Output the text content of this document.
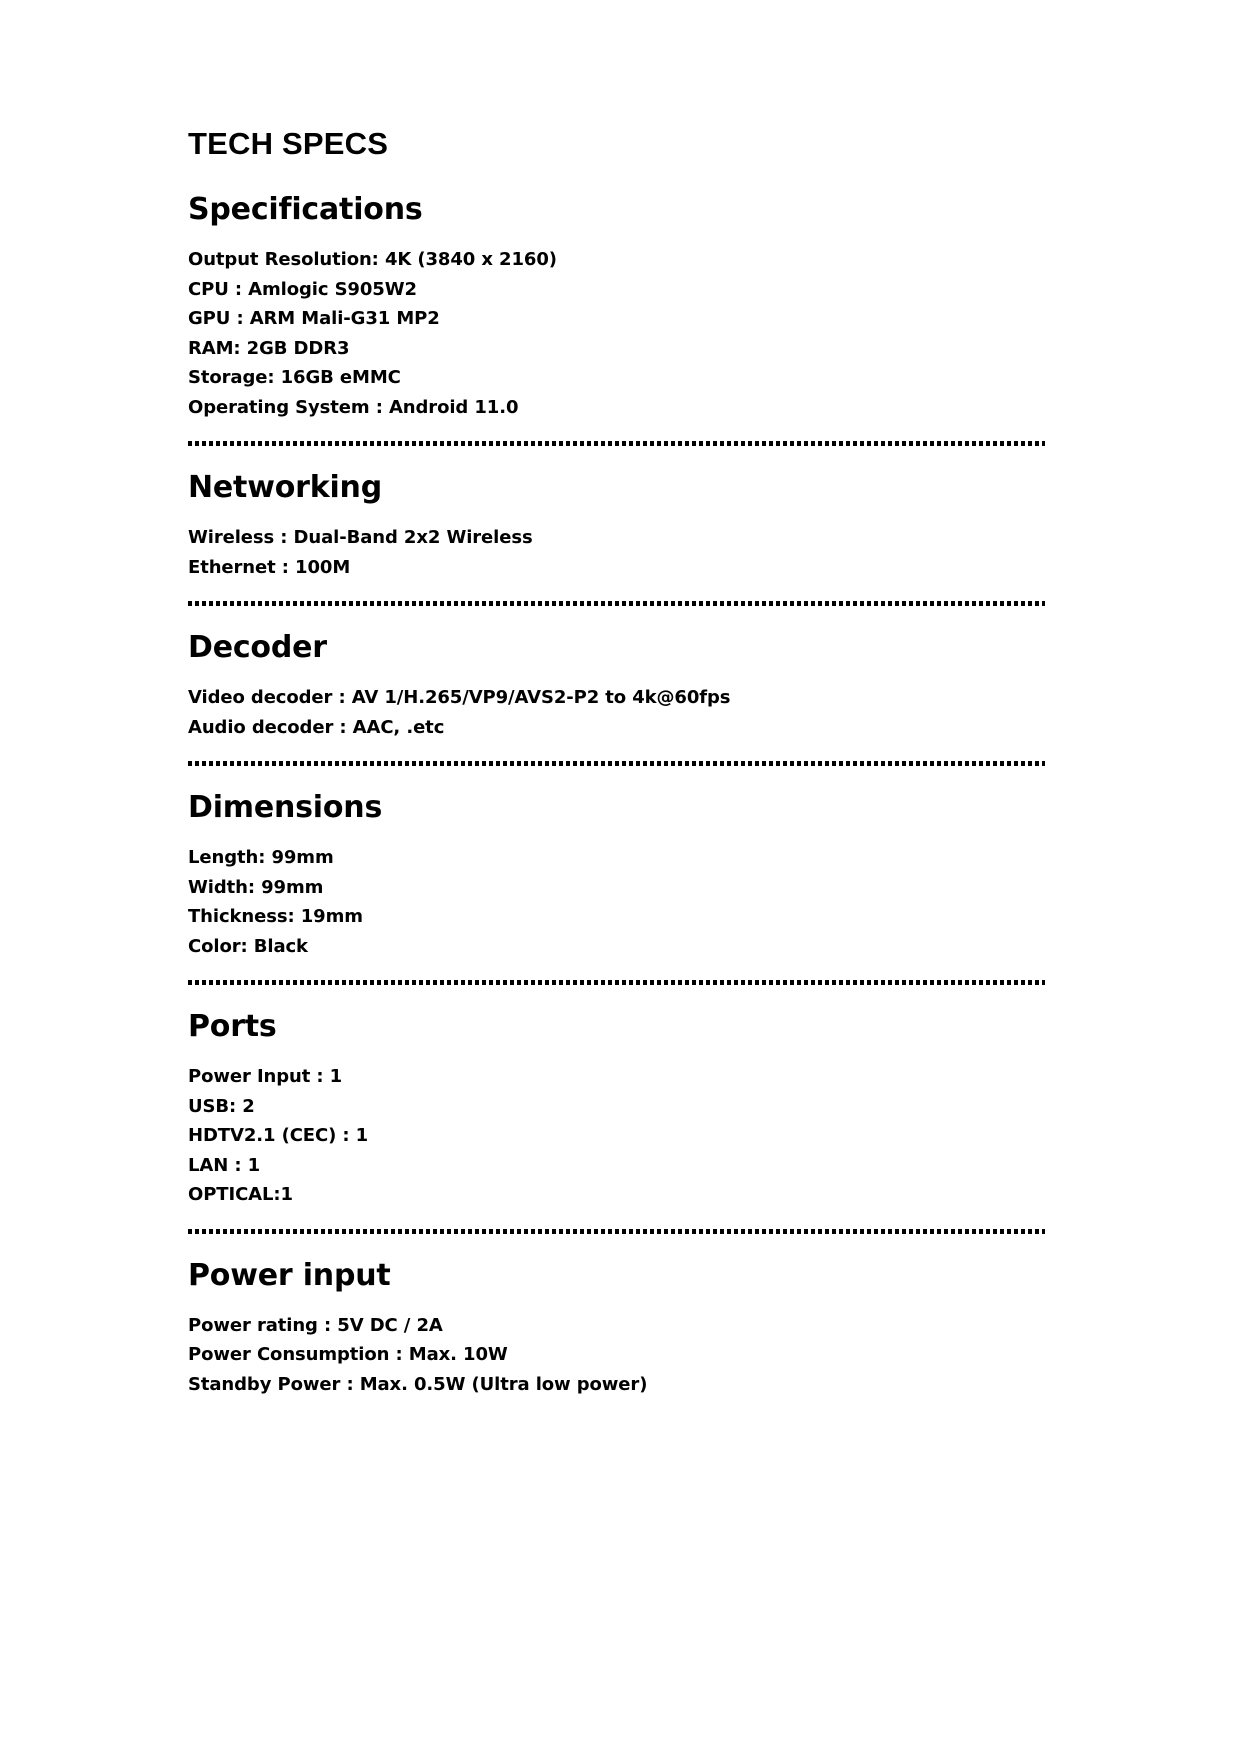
TECH SPECS
Specifications
Output Resolution: 4K (3840 x 2160)
CPU : Amlogic S905W2
GPU : ARM Mali-G31 MP2
RAM: 2GB DDR3
Storage: 16GB eMMC
Operating System : Android 11.0
Networking
Wireless : Dual-Band 2x2 Wireless
Ethernet : 100M
Decoder
Video decoder : AV 1/H.265/VP9/AVS2-P2 to 4k@60fps
Audio decoder : AAC, .etc
Dimensions
Length: 99mm
Width: 99mm
Thickness: 19mm
Color: Black
Ports
Power Input : 1
USB: 2
HDTV2.1 (CEC) : 1
LAN : 1
OPTICAL:1
Power input
Power rating : 5V DC / 2A
Power Consumption : Max. 10W
Standby Power : Max. 0.5W (Ultra low power)
